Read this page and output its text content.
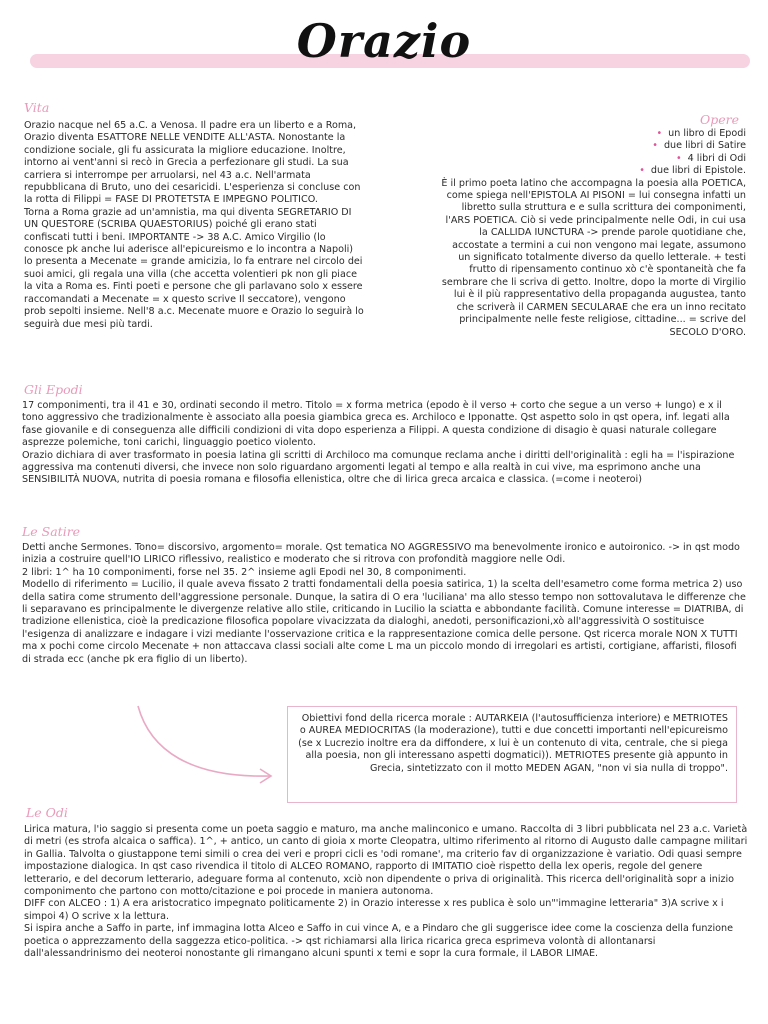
Orazio
Vita

Orazio nacque nel 65 a.C. a Venosa. Il padre era un liberto e a Roma, Orazio diventa ESATTORE NELLE VENDITE ALL'ASTA. Nonostante la condizione sociale, gli fu assicurata la migliore educazione. Inoltre, intorno ai vent'anni si recò in Grecia a perfezionare gli studi. La sua carriera si interrompe per arruolarsi, nel 43 a.c. Nell'armata repubblicana di Bruto, uno dei cesaricidi. L'esperienza si concluse con la rotta di Filippi = FASE DI PROTETSTA E IMPEGNO POLITICO.

Torna a Roma grazie ad un'amnistia, ma qui diventa SEGRETARIO DI UN QUESTORE (SCRIBA QUAESTORIUS) poiché gli erano stati confiscati tutti i beni. IMPORTANTE -> 38 A.C. Amico Virgilio (lo conosce pk anche lui aderisce all'epicureismo e lo incontra a Napoli) lo presenta a Mecenate = grande amicizia, lo fa entrare nel circolo dei suoi amici, gli regala una villa (che accetta volentieri pk non gli piace la vita a Roma es. Finti poeti e persone che gli parlavano solo x essere raccomandati a Mecenate = x questo scrive Il seccatore), vengono prob sepolti insieme. Nell'8 a.c. Mecenate muore e Orazio lo seguirà lo seguirà due mesi più tardi.

Opere
• un libro di Epodi
• due libri di Satire
• 4 libri di Odi
• due libri di Epistole.

È il primo poeta latino che accompagna la poesia alla POETICA, come spiega nell'EPISTOLA AI PISONI = lui consegna infatti un libretto sulla struttura e e sulla scrittura dei componimenti, l'ARS POETICA. Ciò si vede principalmente nelle Odi, in cui usa la CALLIDA IUNCTURA -> prende parole quotidiane che, accostate a termini a cui non vengono mai legate, assumono un significato totalmente diverso da quello letterale. + testi frutto di ripensamento continuo xò c'è spontaneità che fa sembrare che li scriva di getto. Inoltre, dopo la morte di Virgilio lui è il più rappresentativo della propaganda augustea, tanto che scriverà il CARMEN SECULARAE che era un inno recitato principalmente nelle feste religiose, cittadine... = scrive del SECOLO D'ORO.

Gli Epodi

17 componimenti, tra il 41 e 30, ordinati secondo il metro. Titolo = x forma metrica (epodo è il verso + corto che segue a un verso + lungo) e x il tono aggressivo che tradizionalmente è associato alla poesia giambica greca es. Archiloco e Ipponatte. Qst aspetto solo in qst opera, inf. legati alla fase giovanile e di conseguenza alle difficili condizioni di vita dopo esperienza a Filippi. A questa condizione di disagio è quasi naturale collegare asprezze polemiche, toni carichi, linguaggio poetico violento.

Orazio dichiara di aver trasformato in poesia latina gli scritti di Archiloco ma comunque reclama anche i diritti dell'originalità : egli ha = l'ispirazione aggressiva ma contenuti diversi, che invece non solo riguardano argomenti legati al tempo e alla realtà in cui vive, ma esprimono anche una SENSIBILITÀ NUOVA, nutrita di poesia romana e filosofia ellenistica, oltre che di lirica greca arcaica e classica. (=come i neoteroi)

Le Satire

Detti anche Sermones. Tono= discorsivo, argomento= morale. Qst tematica NO AGGRESSIVO ma benevolmente ironico e autoironico. -> in qst modo inizia a costruire quell'IO LIRICO riflessivo, realistico e moderato che si ritrova con profondità maggiore nelle Odi.

2 libri: 1^ ha 10 componimenti, forse nel 35. 2^ insieme agli Epodi nel 30, 8 componimenti.

Modello di riferimento = Lucilio, il quale aveva fissato 2 tratti fondamentali della poesia satirica, 1) la scelta dell'esametro come forma metrica 2) uso della satira come strumento dell'aggressione personale. Dunque, la satira di O era 'luciliana' ma allo stesso tempo non sottovalutava le differenze che li separavano es principalmente le divergenze relative allo stile, criticando in Lucilio la sciatta e abbondante facilità. Comune interesse = DIATRIBA, di tradizione ellenistica, cioè la predicazione filosofica popolare vivacizzata da dialoghi, anedoti, personificazioni,xò all'aggressività O sostituisce l'esigenza di analizzare e indagare i vizi mediante l'osservazione critica e la rappresentazione comica delle persone. Qst ricerca morale NON X TUTTI ma x pochi come circolo Mecenate + non attaccava classi sociali alte come L ma un piccolo mondo di irregolari es artisti, cortigiane, affaristi, filosofi di strada ecc (anche pk era figlio di un liberto).

Obiettivi fond della ricerca morale : AUTARKEIA (l'autosufficienza interiore) e METRIOTES o AUREA MEDIOCRITAS (la moderazione), tutti e due concetti importanti nell'epicureismo (se x Lucrezio inoltre era da diffondere, x lui è un contenuto di vita, centrale, che si piega alla poesia, non gli interessano aspetti dogmatici)). METRIOTES presente già appunto in Grecia, sintetizzato con il motto MEDEN AGAN, "non vi sia nulla di troppo".

Le Odi

Lirica matura, l'io saggio si presenta come un poeta saggio e maturo, ma anche malinconico e umano. Raccolta di 3 libri pubblicata nel 23 a.c. Varietà di metri (es strofa alcaica o saffica). 1^, + antico, un canto di gioia x morte Cleopatra, ultimo riferimento al ritorno di Augusto dalle campagne militari in Gallia. Talvolta o giustappone temi simili o crea dei veri e propri cicli es 'odi romane', ma criterio fav di organizzazione è variatio. Odi quasi sempre impostazione dialogica. In qst caso rivendica il titolo di ALCEO ROMANO, rapporto di IMITATIO cioè rispetto della lex operis, regole del genere letterario, e del decorum letterario, adeguare forma al contenuto, xciò non dipendente o priva di originalità. This ricerca dell'originalità sopr a inizio componimento che partono con motto/citazione e poi procede in maniera autonoma.

DIFF con ALCEO : 1) A era aristocratico impegnato politicamente 2) in Orazio interesse x res publica è solo un"'immagine letteraria" 3)A scrive x i simpoi 4) O scrive x la lettura.

Si ispira anche a Saffo in parte, inf immagina lotta Alceo e Saffo in cui vince A, e a Pindaro che gli suggerisce idee come la coscienza della funzione poetica o apprezzamento della saggezza etico-politica. -> qst richiamarsi alla lirica ricarica greca esprimeva volontà di allontanarsi dall'alessandrinismo dei neoteroi nonostante gli rimangano alcuni spunti x temi e sopr la cura formale, il LABOR LIMAE.
